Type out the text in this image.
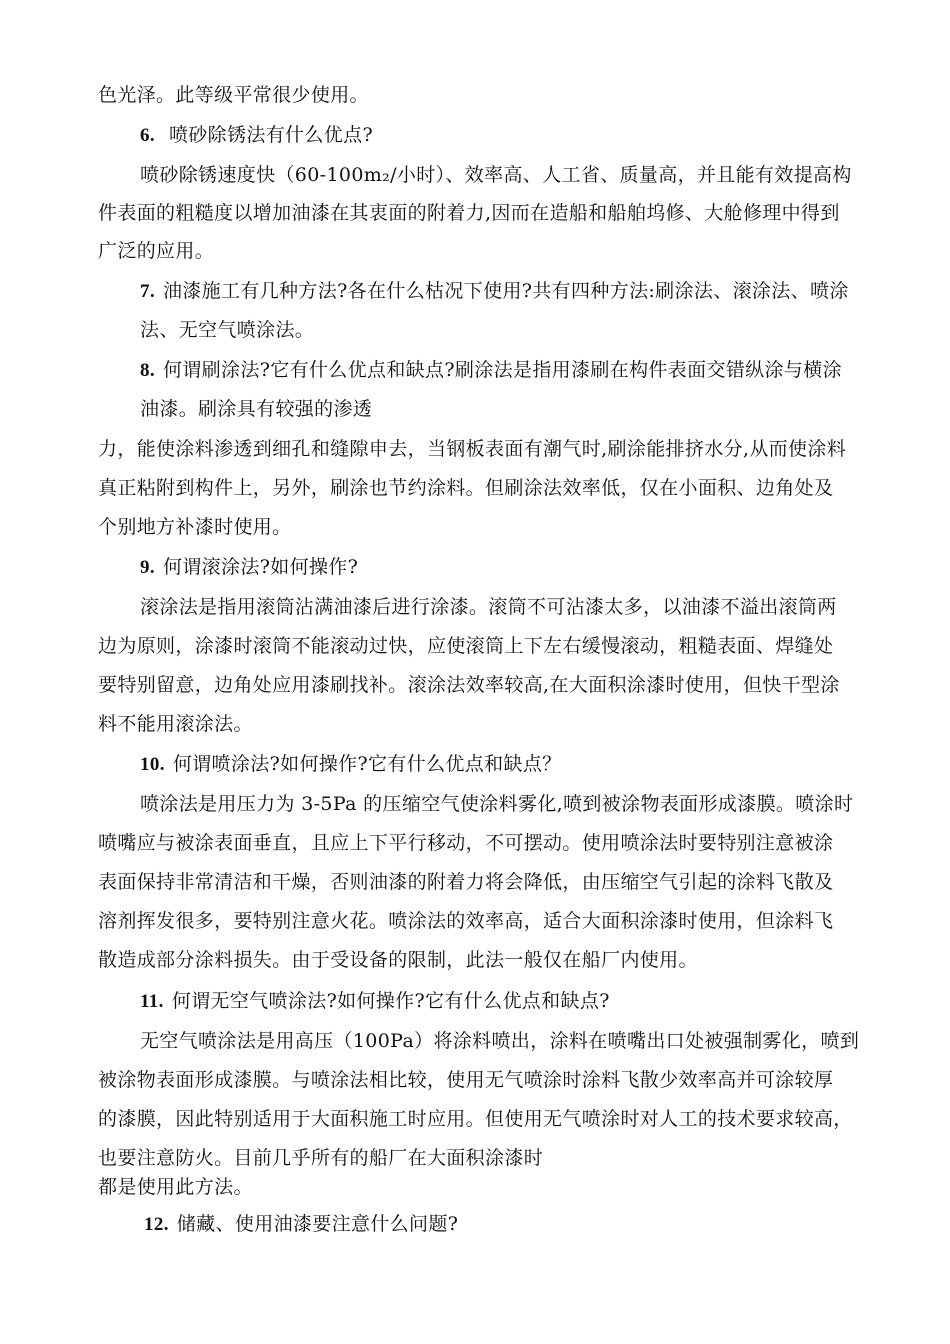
色光泽。此等级平常很少使用。
6. 喷砂除锈法有什么优点?
喷砂除锈速度快（60-100m₂/小时）、效率高、人工省、质量高，并且能有效提高构
件表面的粗糙度以增加油漆在其衷面的附着力,因而在造船和船舶坞修、大舱修理中得到
广泛的应用。
7. 油漆施工有几种方法?各在什么枯况下使用?共有四种方法:刷涂法、滚涂法、喷涂
法、无空气喷涂法。
8. 何谓刷涂法?它有什么优点和缺点?刷涂法是指用漆刷在构件表面交错纵涂与横涂
油漆。刷涂具有较强的渗透
力，能使涂料渗透到细孔和缝隙申去，当钢板表面有潮气时,刷涂能排挤水分,从而使涂料
真正粘附到构件上，另外，刷涂也节约涂料。但刷涂法效率低，仅在小面积、边角处及
个别地方补漆时使用。
9. 何谓滚涂法?如何操作?
滚涂法是指用滚筒沾满油漆后进行涂漆。滚筒不可沾漆太多，以油漆不溢出滚筒两
边为原则，涂漆时滚筒不能滚动过快，应使滚筒上下左右缓慢滚动，粗糙表面、焊缝处
要特别留意，边角处应用漆刷找补。滚涂法效率较高,在大面积涂漆时使用，但快干型涂
料不能用滚涂法。
10. 何谓喷涂法?如何操作?它有什么优点和缺点？
喷涂法是用压力为 3-5Pa 的压缩空气使涂料雾化,喷到被涂物表面形成漆膜。喷涂时
喷嘴应与被涂表面垂直，且应上下平行移动，不可摆动。使用喷涂法时要特别注意被涂
表面保持非常清洁和干燥，否则油漆的附着力将会降低，由压缩空气引起的涂料飞散及
溶剂挥发很多，要特别注意火花。喷涂法的效率高，适合大面积涂漆时使用，但涂料飞
散造成部分涂料损失。由于受设备的限制，此法一般仅在船厂内使用。
11. 何谓无空气喷涂法?如何操作?它有什么优点和缺点?
无空气喷涂法是用高压（100Pa）将涂料喷出，涂料在喷嘴出口处被强制雾化，喷到
被涂物表面形成漆膜。与喷涂法相比较，使用无气喷涂时涂料飞散少效率高并可涂较厚
的漆膜，因此特别适用于大面积施工时应用。但使用无气喷涂时对人工的技术要求较高，
也要注意防火。目前几乎所有的船厂在大面积涂漆时
都是使用此方法。
12. 储藏、使用油漆要注意什么问题?
